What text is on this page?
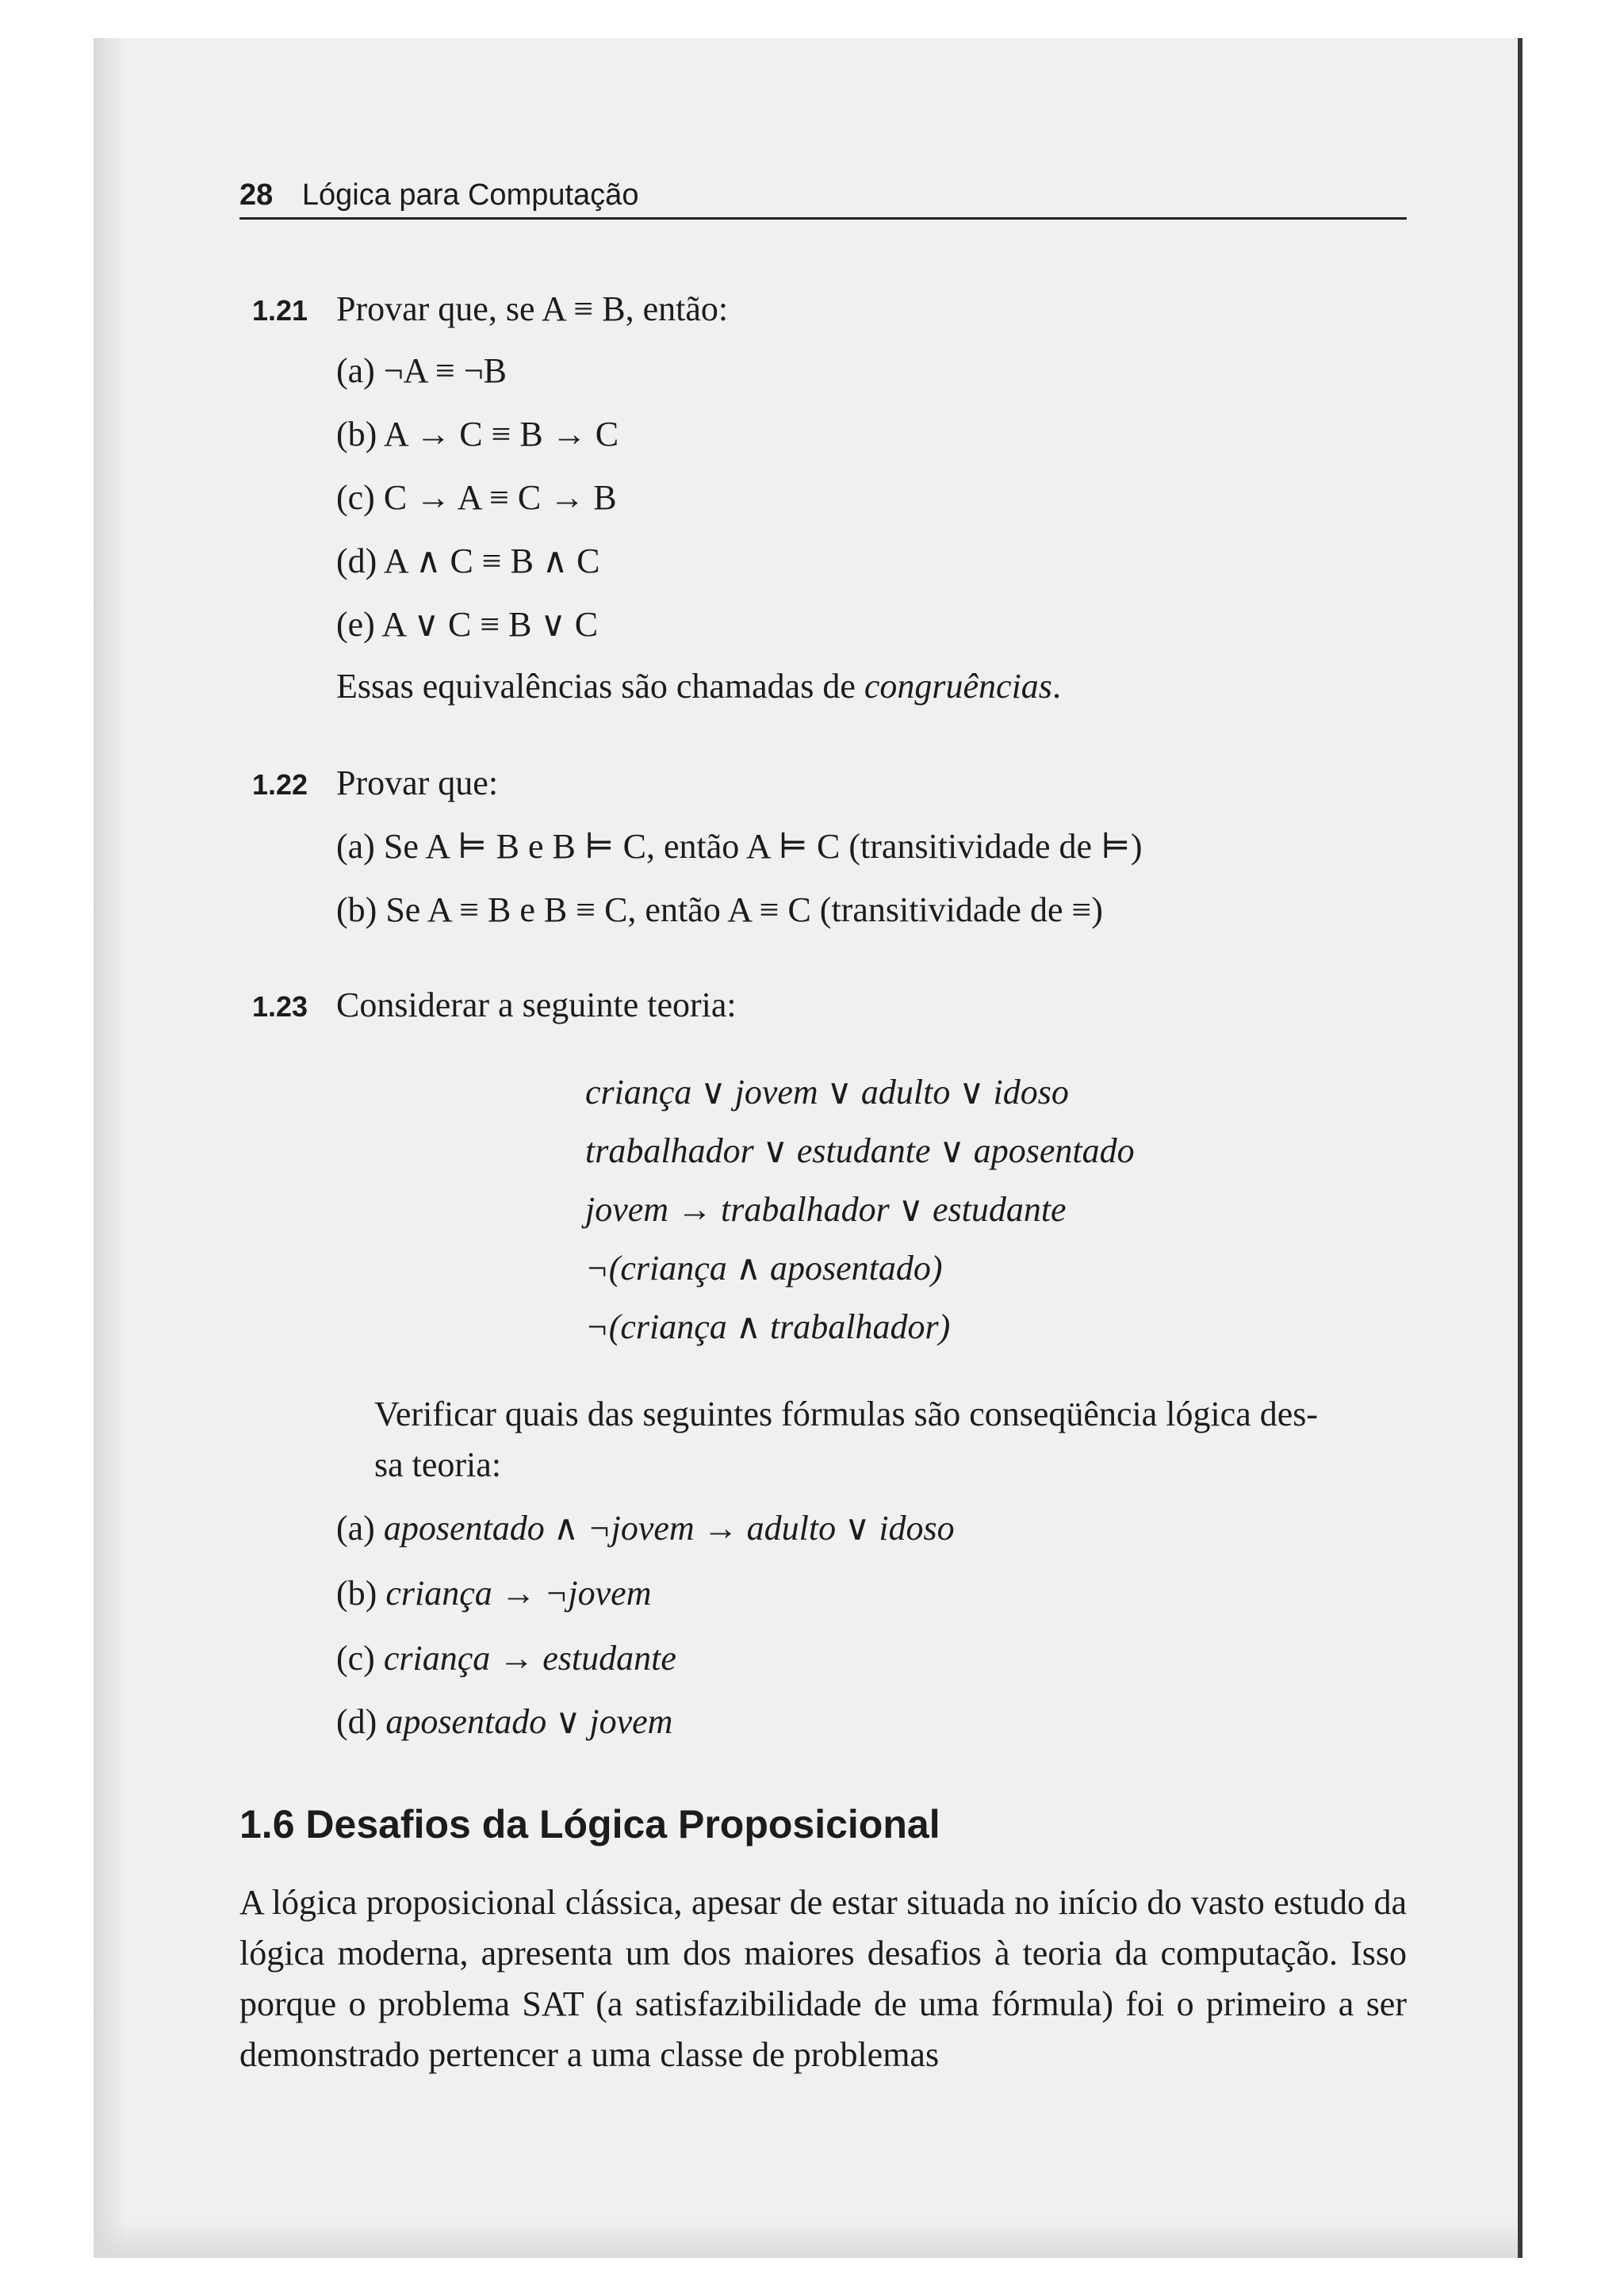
28 Lógica para Computação
1.21 Provar que, se A ≡ B, então:
(a) ¬A ≡ ¬B
(b) A → C ≡ B → C
(c) C → A ≡ C → B
(d) A ∧ C ≡ B ∧ C
(e) A ∨ C ≡ B ∨ C
Essas equivalências são chamadas de congruências.
1.22 Provar que:
(a) Se A ⊨ B e B ⊨ C, então A ⊨ C (transitividade de ⊨)
(b) Se A ≡ B e B ≡ C, então A ≡ C (transitividade de ≡)
1.23 Considerar a seguinte teoria:
criança ∨ jovem ∨ adulto ∨ idoso
trabalhador ∨ estudante ∨ aposentado
jovem → trabalhador ∨ estudante
¬(criança ∧ aposentado)
¬(criança ∧ trabalhador)
Verificar quais das seguintes fórmulas são conseqüência lógica des-
sa teoria:
(a) aposentado ∧ ¬jovem → adulto ∨ idoso
(b) criança → ¬jovem
(c) criança → estudante
(d) aposentado ∨ jovem
1.6 Desafios da Lógica Proposicional
A lógica proposicional clássica, apesar de estar situada no início do vasto estudo da lógica moderna, apresenta um dos maiores desafios à teoria da computação. Isso porque o problema SAT (a satisfazibilidade de uma fórmula) foi o primeiro a ser demonstrado pertencer a uma classe de problemas
